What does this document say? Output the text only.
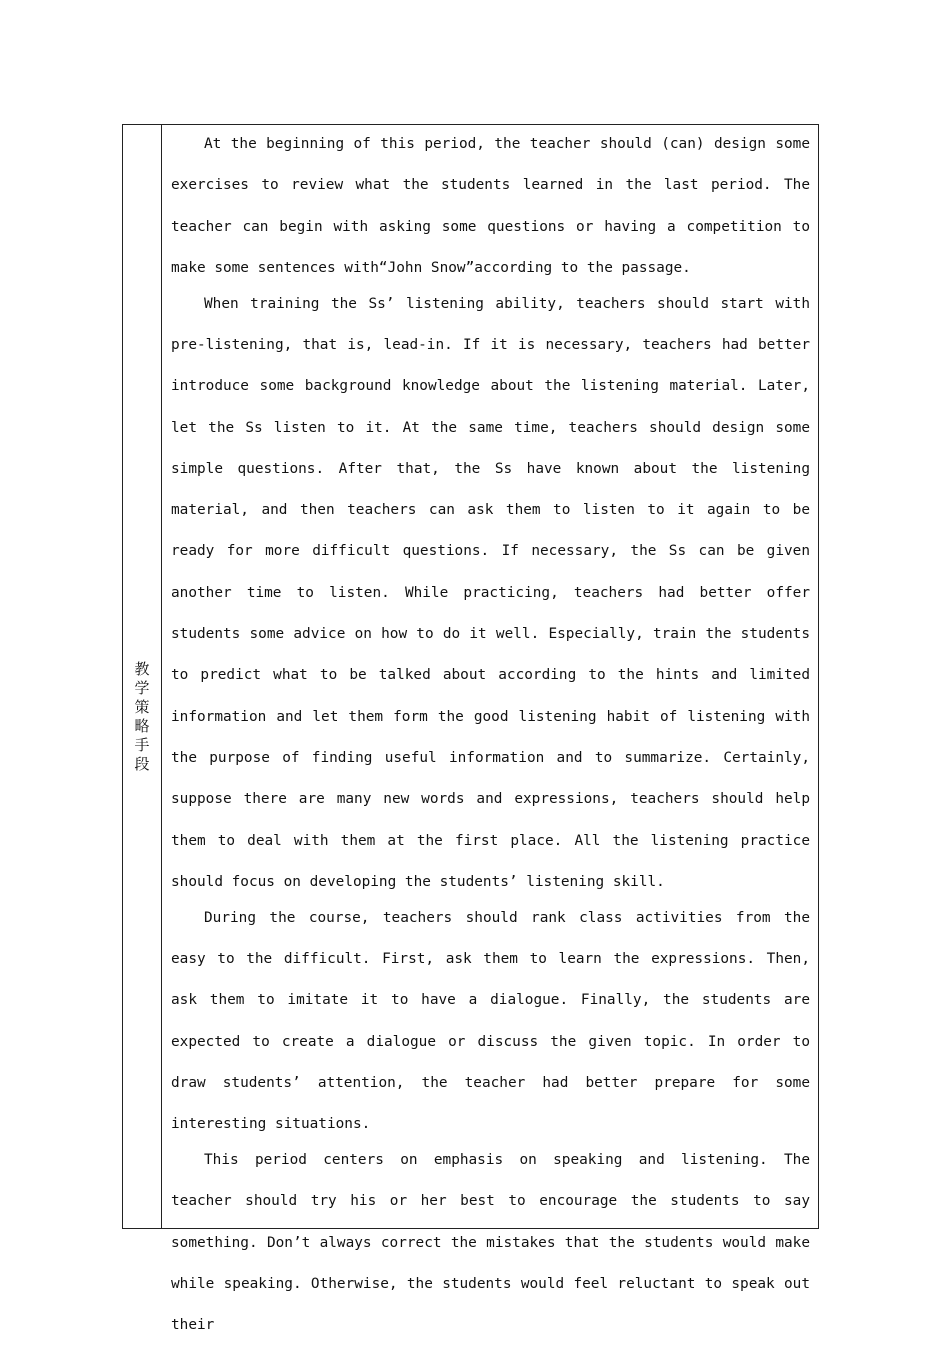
教学策略手段

At the beginning of this period, the teacher should (can) design some exercises to review what the students learned in the last period. The teacher can begin with asking some questions or having a competition to make some sentences with“John Snow”according to the passage.

When training the Ss’ listening ability, teachers should start with pre-listening, that is, lead-in. If it is necessary, teachers had better introduce some background knowledge about the listening material. Later, let the Ss listen to it. At the same time, teachers should design some simple questions. After that, the Ss have known about the listening material, and then teachers can ask them to listen to it again to be ready for more difficult questions. If necessary, the Ss can be given another time to listen. While practicing, teachers had better offer students some advice on how to do it well. Especially, train the students to predict what to be talked about according to the hints and limited information and let them form the good listening habit of listening with the purpose of finding useful information and to summarize. Certainly, suppose there are many new words and expressions, teachers should help them to deal with them at the first place. All the listening practice should focus on developing the students’ listening skill.

During the course, teachers should rank class activities from the easy to the difficult. First, ask them to learn the expressions. Then, ask them to imitate it to have a dialogue. Finally, the students are expected to create a dialogue or discuss the given topic. In order to draw students’ attention, the teacher had better prepare for some interesting situations.

This period centers on emphasis on speaking and listening. The teacher should try his or her best to encourage the students to say something. Don’t always correct the mistakes that the students would make while speaking. Otherwise, the students would feel reluctant to speak out their
